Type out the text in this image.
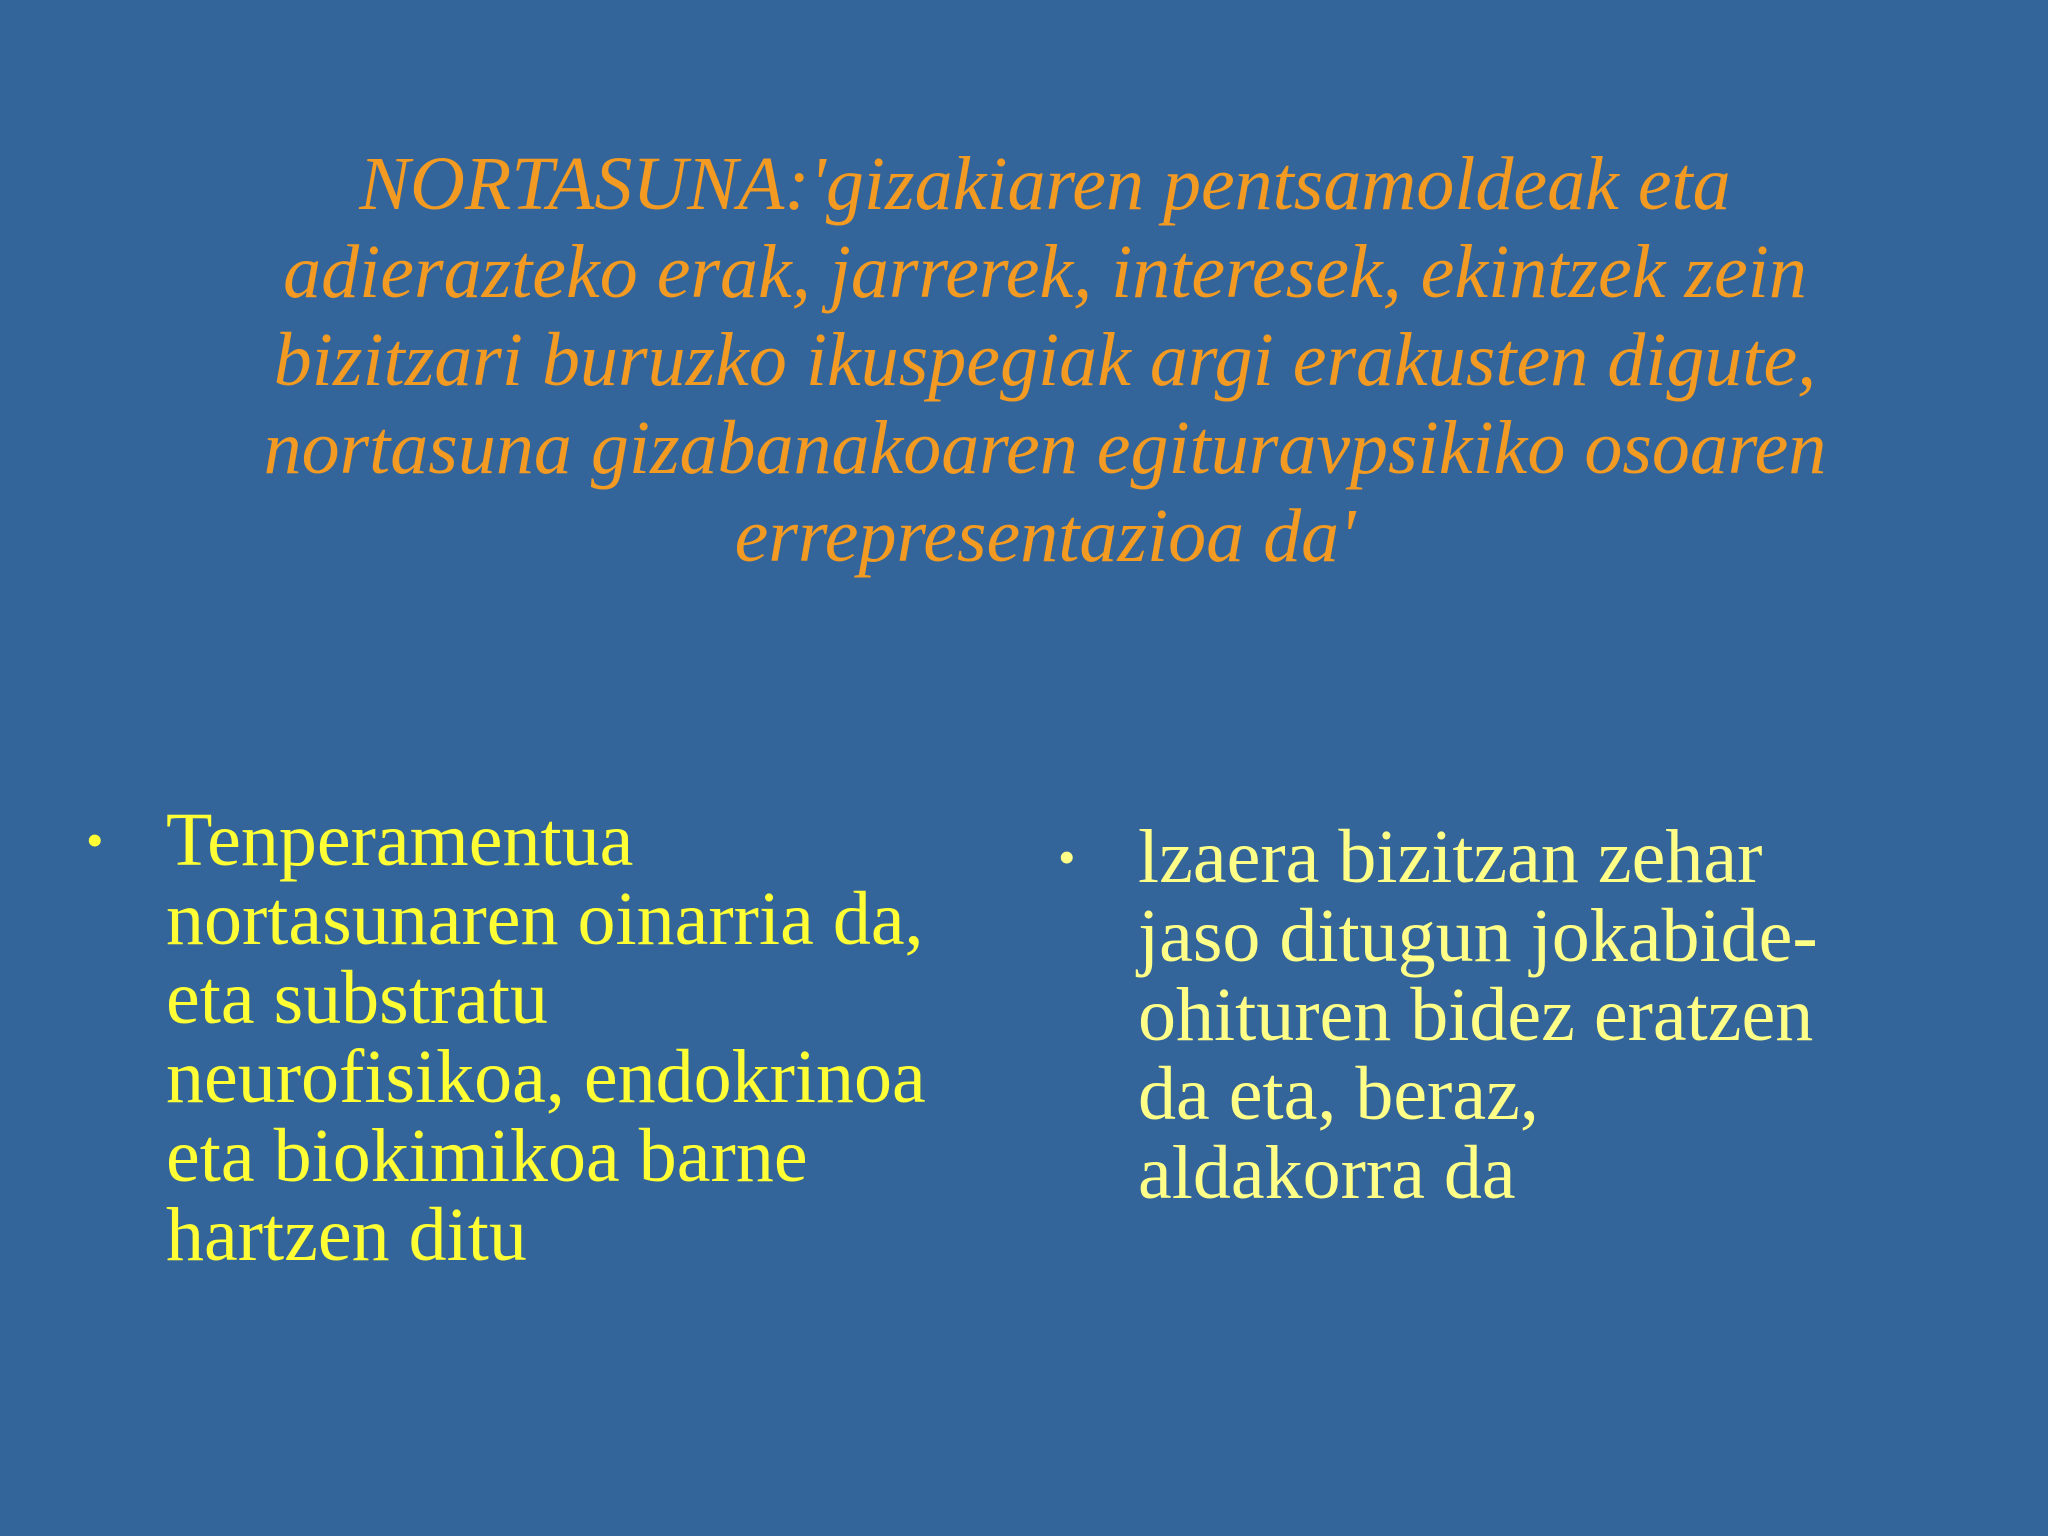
NORTASUNA:'gizakiaren pentsamoldeak eta
adierazteko erak, jarrerek, interesek, ekintzek zein
bizitzari buruzko ikuspegiak argi erakusten digute,
nortasuna gizabanakoaren egituravpsikiko osoaren
errepresentazioa da'
• Tenperamentua
nortasunaren oinarria da,
eta substratu
neurofisikoa, endokrinoa
eta biokimikoa barne
hartzen ditu
• lzaera bizitzan zehar
jaso ditugun jokabide-
ohituren bidez eratzen
da eta, beraz,
aldakorra da
